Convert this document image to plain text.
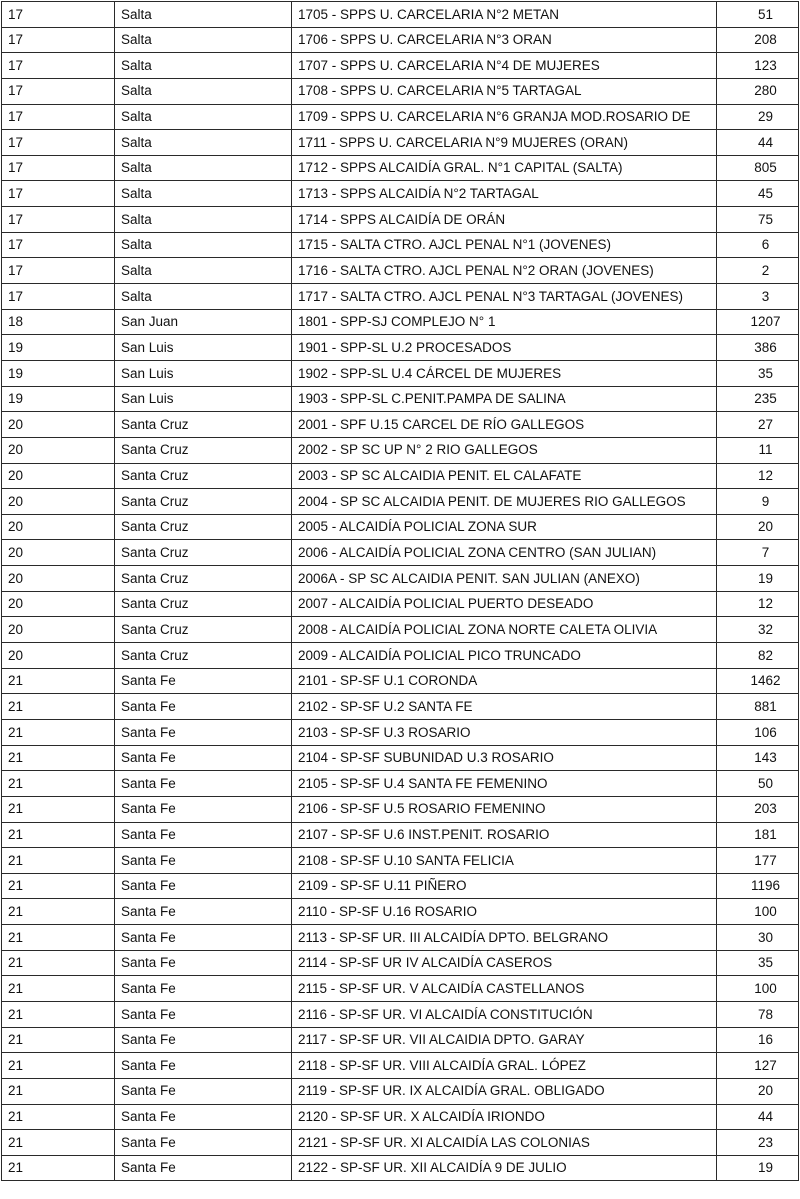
17	Salta	1705 - SPPS U. CARCELARIA N°2 METAN	51
17	Salta	1706 - SPPS U. CARCELARIA N°3 ORAN	208
17	Salta	1707 - SPPS U. CARCELARIA N°4 DE MUJERES	123
17	Salta	1708 - SPPS U. CARCELARIA N°5 TARTAGAL	280
17	Salta	1709 - SPPS U. CARCELARIA N°6 GRANJA MOD.ROSARIO DE	29
17	Salta	1711 - SPPS U. CARCELARIA N°9 MUJERES (ORAN)	44
17	Salta	1712 - SPPS ALCAIDÍA GRAL. N°1 CAPITAL (SALTA)	805
17	Salta	1713 - SPPS ALCAIDÍA N°2 TARTAGAL	45
17	Salta	1714 - SPPS ALCAIDÍA DE ORÁN	75
17	Salta	1715 - SALTA CTRO. AJCL PENAL N°1 (JOVENES)	6
17	Salta	1716 - SALTA CTRO. AJCL PENAL N°2 ORAN (JOVENES)	2
17	Salta	1717 - SALTA CTRO. AJCL PENAL N°3 TARTAGAL (JOVENES)	3
18	San Juan	1801 - SPP-SJ COMPLEJO N° 1	1207
19	San Luis	1901 - SPP-SL U.2 PROCESADOS	386
19	San Luis	1902 - SPP-SL U.4 CÁRCEL DE MUJERES	35
19	San Luis	1903 - SPP-SL C.PENIT.PAMPA DE SALINA	235
20	Santa Cruz	2001 - SPF U.15 CARCEL DE RÍO GALLEGOS	27
20	Santa Cruz	2002 - SP SC UP N° 2 RIO GALLEGOS	11
20	Santa Cruz	2003 - SP SC ALCAIDIA PENIT. EL CALAFATE	12
20	Santa Cruz	2004 - SP SC ALCAIDIA PENIT. DE MUJERES RIO GALLEGOS	9
20	Santa Cruz	2005 - ALCAIDÍA POLICIAL ZONA SUR	20
20	Santa Cruz	2006 - ALCAIDÍA POLICIAL ZONA CENTRO (SAN JULIAN)	7
20	Santa Cruz	2006A - SP SC ALCAIDIA PENIT. SAN JULIAN (ANEXO)	19
20	Santa Cruz	2007 - ALCAIDÍA POLICIAL PUERTO DESEADO	12
20	Santa Cruz	2008 - ALCAIDÍA POLICIAL ZONA NORTE CALETA OLIVIA	32
20	Santa Cruz	2009 - ALCAIDÍA POLICIAL PICO TRUNCADO	82
21	Santa Fe	2101 - SP-SF U.1 CORONDA	1462
21	Santa Fe	2102 - SP-SF U.2 SANTA FE	881
21	Santa Fe	2103 - SP-SF U.3 ROSARIO	106
21	Santa Fe	2104 - SP-SF SUBUNIDAD U.3 ROSARIO	143
21	Santa Fe	2105 - SP-SF U.4 SANTA FE FEMENINO	50
21	Santa Fe	2106 - SP-SF U.5 ROSARIO FEMENINO	203
21	Santa Fe	2107 - SP-SF U.6 INST.PENIT. ROSARIO	181
21	Santa Fe	2108 - SP-SF U.10 SANTA FELICIA	177
21	Santa Fe	2109 - SP-SF U.11 PIÑERO	1196
21	Santa Fe	2110 - SP-SF U.16 ROSARIO	100
21	Santa Fe	2113 - SP-SF UR. III ALCAIDÍA DPTO. BELGRANO	30
21	Santa Fe	2114 - SP-SF UR IV ALCAIDÍA CASEROS	35
21	Santa Fe	2115 - SP-SF UR. V ALCAIDÍA CASTELLANOS	100
21	Santa Fe	2116 - SP-SF UR. VI ALCAIDÍA CONSTITUCIÓN	78
21	Santa Fe	2117 - SP-SF UR. VII ALCAIDIA DPTO. GARAY	16
21	Santa Fe	2118 - SP-SF UR. VIII ALCAIDÍA GRAL. LÓPEZ	127
21	Santa Fe	2119 - SP-SF UR. IX ALCAIDÍA GRAL. OBLIGADO	20
21	Santa Fe	2120 - SP-SF UR. X ALCAIDÍA IRIONDO	44
21	Santa Fe	2121 - SP-SF UR. XI ALCAIDÍA LAS COLONIAS	23
21	Santa Fe	2122 - SP-SF UR. XII ALCAIDÍA 9 DE JULIO	19
